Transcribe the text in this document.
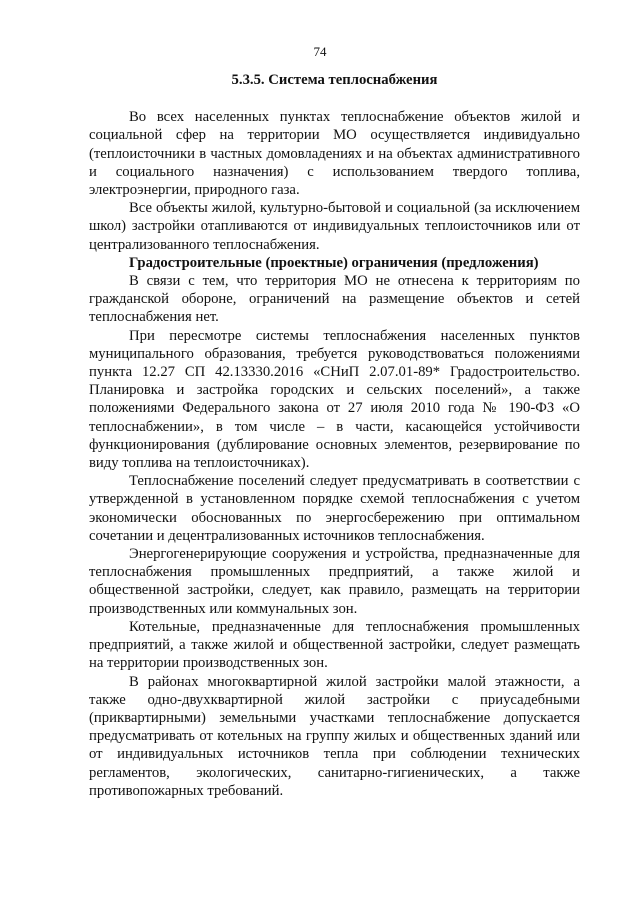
74
5.3.5. Система теплоснабжения

Во всех населенных пунктах теплоснабжение объектов жилой и социальной сфер на территории МО осуществляется индивидуально (теплоисточники в частных домовладениях и на объектах административного и социального назначения) с использованием твердого топлива, электроэнергии, природного газа.

Все объекты жилой, культурно-бытовой и социальной (за исключением школ) застройки отапливаются от индивидуальных теплоисточников или от централизованного теплоснабжения.

Градостроительные (проектные) ограничения (предложения)

В связи с тем, что территория МО не отнесена к территориям по гражданской обороне, ограничений на размещение объектов и сетей теплоснабжения нет.

При пересмотре системы теплоснабжения населенных пунктов муниципального образования, требуется руководствоваться положениями пункта 12.27 СП 42.13330.2016 «СНиП 2.07.01-89* Градостроительство. Планировка и застройка городских и сельских поселений», а также положениями Федерального закона от 27 июля 2010 года № 190-ФЗ «О теплоснабжении», в том числе – в части, касающейся устойчивости функционирования (дублирование основных элементов, резервирование по виду топлива на теплоисточниках).

Теплоснабжение поселений следует предусматривать в соответствии с утвержденной в установленном порядке схемой теплоснабжения с учетом экономически обоснованных по энергосбережению при оптимальном сочетании и децентрализованных источников теплоснабжения.

Энергогенерирующие сооружения и устройства, предназначенные для теплоснабжения промышленных предприятий, а также жилой и общественной застройки, следует, как правило, размещать на территории производственных или коммунальных зон.

Котельные, предназначенные для теплоснабжения промышленных предприятий, а также жилой и общественной застройки, следует размещать на территории производственных зон.

В районах многоквартирной жилой застройки малой этажности, а также одно-двухквартирной жилой застройки с приусадебными (приквартирными) земельными участками теплоснабжение допускается предусматривать от котельных на группу жилых и общественных зданий или от индивидуальных источников тепла при соблюдении технических регламентов, экологических, санитарно-гигиенических, а также противопожарных требований.
